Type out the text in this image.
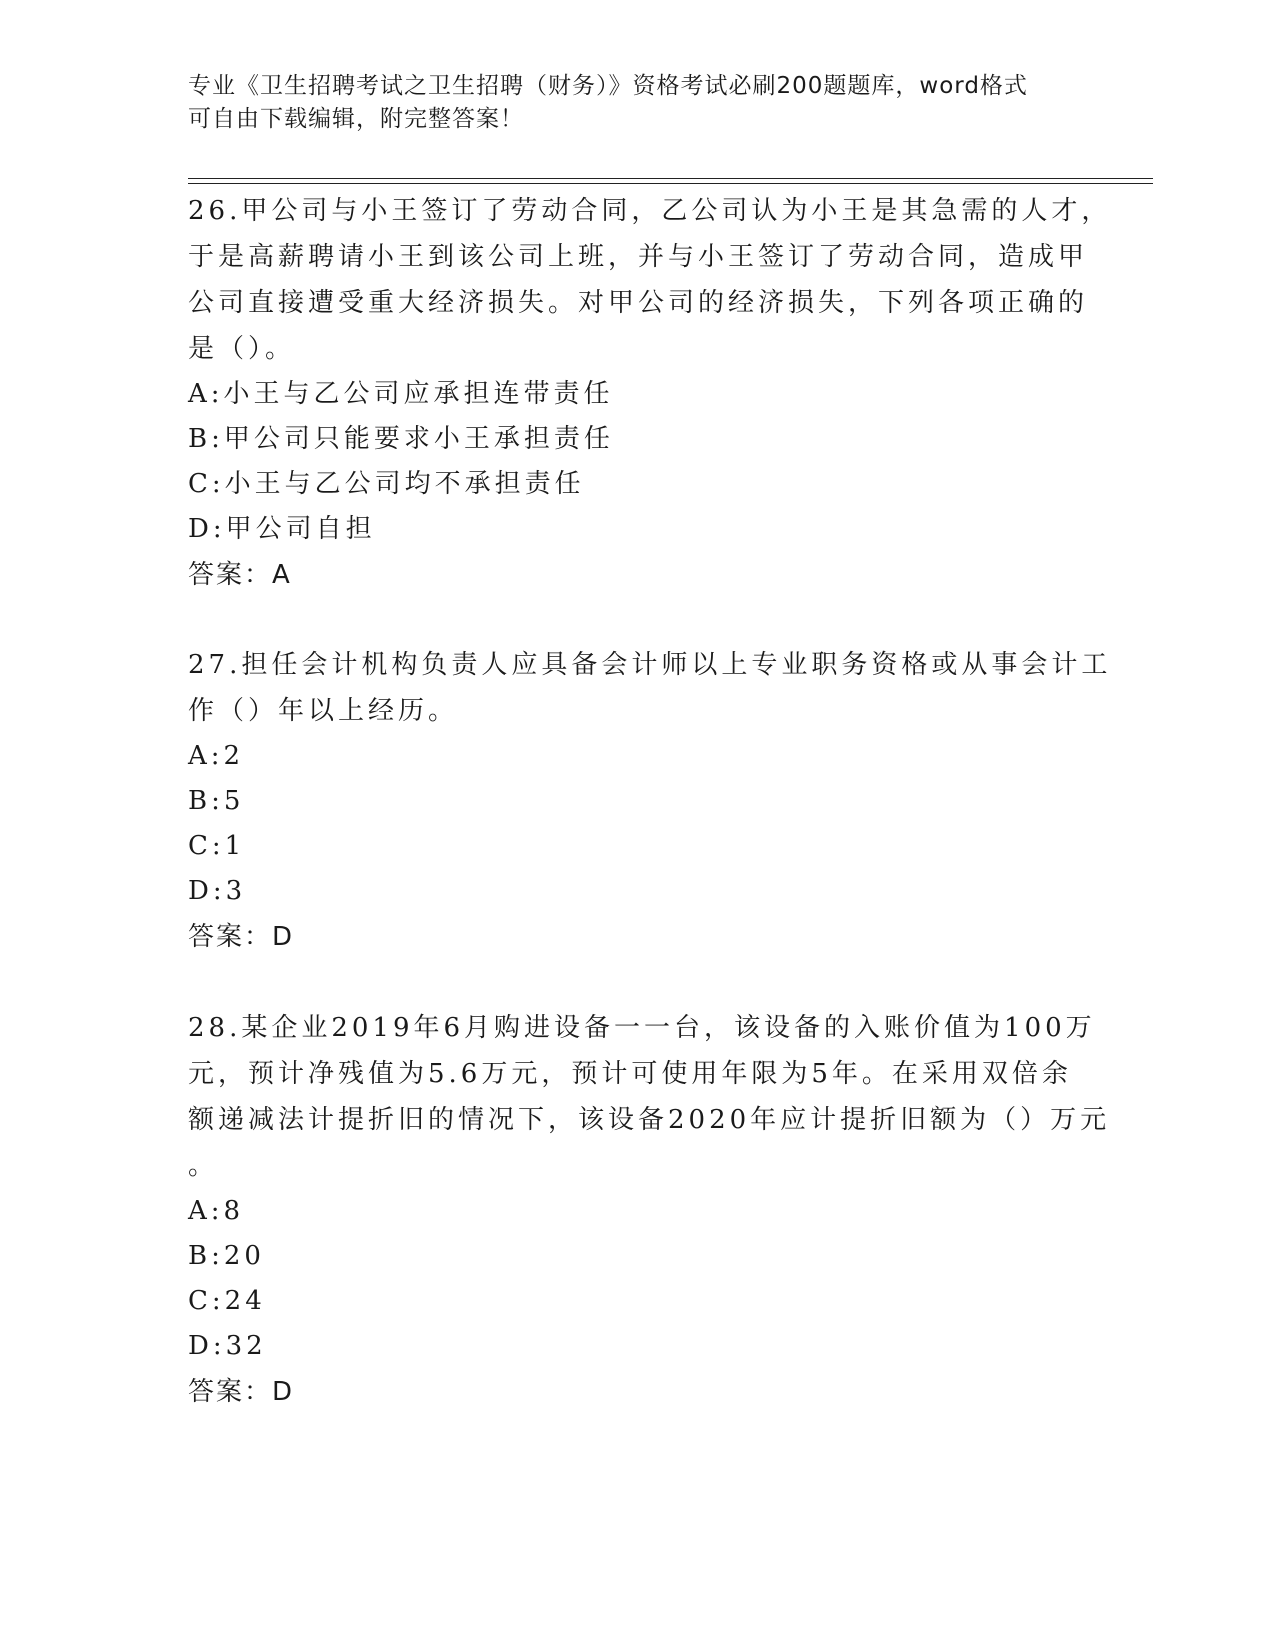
专业《卫生招聘考试之卫生招聘（财务）》资格考试必刷200题题库，word格式
可自由下载编辑，附完整答案！
26.甲公司与小王签订了劳动合同，乙公司认为小王是其急需的人才，
于是高薪聘请小王到该公司上班，并与小王签订了劳动合同，造成甲
公司直接遭受重大经济损失。对甲公司的经济损失，下列各项正确的
是（）。
A:小王与乙公司应承担连带责任
B:甲公司只能要求小王承担责任
C:小王与乙公司均不承担责任
D:甲公司自担
答案：A
27.担任会计机构负责人应具备会计师以上专业职务资格或从事会计工
作（）年以上经历。
A:2
B:5
C:1
D:3
答案：D
28.某企业2019年6月购进设备一一台，该设备的入账价值为100万
元，预计净残值为5.6万元，预计可使用年限为5年。在采用双倍余
额递减法计提折旧的情况下，该设备2020年应计提折旧额为（）万元
。
A:8
B:20
C:24
D:32
答案：D
